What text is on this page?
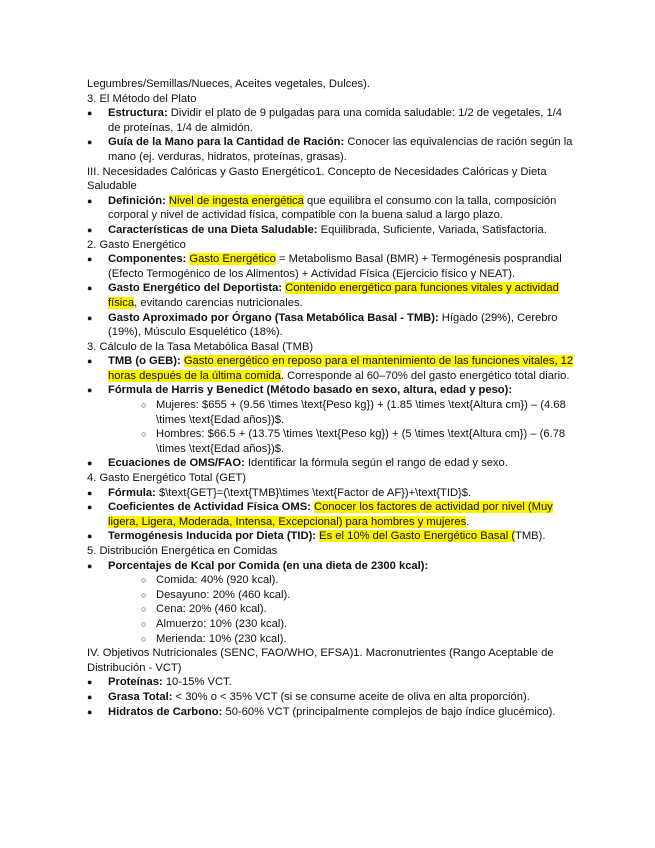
Legumbres/Semillas/Nueces, Aceites vegetales, Dulces).

3. El Método del Plato

● Estructura: Dividir el plato de 9 pulgadas para una comida saludable: 1/2 de vegetales, 1/4 de proteínas, 1/4 de almidón.
● Guía de la Mano para la Cantidad de Ración: Conocer las equivalencias de ración según la mano (ej. verduras, hidratos, proteínas, grasas).

III. Necesidades Calóricas y Gasto Energético1. Concepto de Necesidades Calóricas y Dieta Saludable

● Definición: Nivel de ingesta energética que equilibra el consumo con la talla, composición corporal y nivel de actividad física, compatible con la buena salud a largo plazo.
● Características de una Dieta Saludable: Equilibrada, Suficiente, Variada, Satisfactoria.

2. Gasto Energético

● Componentes: Gasto Energético = Metabolismo Basal (BMR) + Termogénesis posprandial (Efecto Termogénico de los Alimentos) + Actividad Física (Ejercicio físico y NEAT).
● Gasto Energético del Deportista: Contenido energético para funciones vitales y actividad física, evitando carencias nutricionales.
● Gasto Aproximado por Órgano (Tasa Metabólica Basal - TMB): Hígado (29%), Cerebro (19%), Músculo Esquelético (18%).

3. Cálculo de la Tasa Metabólica Basal (TMB)

● TMB (o GEB): Gasto energético en reposo para el mantenimiento de las funciones vitales, 12 horas después de la última comida. Corresponde al 60–70% del gasto energético total diario.
● Fórmula de Harris y Benedict (Método basado en sexo, altura, edad y peso):
○ Mujeres: $655 + (9.56 \times \text{Peso kg}) + (1.85 \times \text{Altura cm}) – (4.68 \times \text{Edad años})$.
○ Hombres: $66.5 + (13.75 \times \text{Peso kg}) + (5 \times \text{Altura cm}) – (6.78 \times \text{Edad años})$.
● Ecuaciones de OMS/FAO: Identificar la fórmula según el rango de edad y sexo.

4. Gasto Energético Total (GET)

● Fórmula: $\text{GET}=(\text{TMB}\times \text{Factor de AF})+\text{TID}$.
● Coeficientes de Actividad Física OMS: Conocer los factores de actividad por nivel (Muy ligera, Ligera, Moderada, Intensa, Excepcional) para hombres y mujeres.
● Termogénesis Inducida por Dieta (TID): Es el 10% del Gasto Energético Basal (TMB).

5. Distribución Energética en Comidas

● Porcentajes de Kcal por Comida (en una dieta de 2300 kcal):
○ Comida: 40% (920 kcal).
○ Desayuno: 20% (460 kcal).
○ Cena: 20% (460 kcal).
○ Almuerzo: 10% (230 kcal).
○ Merienda: 10% (230 kcal).

IV. Objetivos Nutricionales (SENC, FAO/WHO, EFSA)1. Macronutrientes (Rango Aceptable de Distribución - VCT)

● Proteínas: 10-15% VCT.
● Grasa Total: < 30% o < 35% VCT (si se consume aceite de oliva en alta proporción).
● Hidratos de Carbono: 50-60% VCT (principalmente complejos de bajo índice glucémico).
